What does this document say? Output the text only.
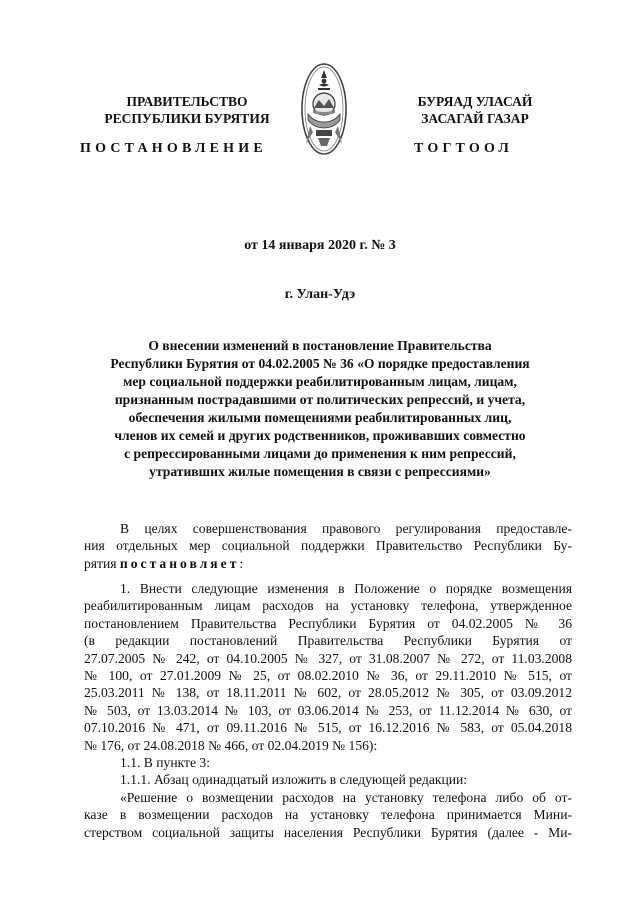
ПРАВИТЕЛЬСТВО
РЕСПУБЛИКИ БУРЯТИЯ
БУРЯАД УЛАСАЙ
ЗАСАГАЙ ГАЗАР
ПОСТАНОВЛЕНИЕ	ТОГТООЛ
от 14 января 2020 г. № 3
г. Улан-Удэ
О внесении изменений в постановление Правительства
Республики Бурятия от 04.02.2005 № 36 «О порядке предоставления
мер социальной поддержки реабилитированным лицам, лицам,
признанным пострадавшими от политических репрессий, и учета,
обеспечения жилыми помещениями реабилитированных лиц,
членов их семей и других родственников, проживавших совместно
с репрессированными лицами до применения к ним репрессий,
утративших жилые помещения в связи с репрессиями»
В целях совершенствования правового регулирования предоставле-
ния отдельных мер социальной поддержки Правительство Республики Бу-
рятия постановляет:
1. Внести следующие изменения в Положение о порядке возмещения
реабилитированным лицам расходов на установку телефона, утвержденное
постановлением Правительства Республики Бурятия от 04.02.2005 № 36
(в редакции постановлений Правительства Республики Бурятия от
27.07.2005 № 242, от 04.10.2005 № 327, от 31.08.2007 № 272, от 11.03.2008
№ 100, от 27.01.2009 № 25, от 08.02.2010 № 36, от 29.11.2010 № 515, от
25.03.2011 № 138, от 18.11.2011 № 602, от 28.05.2012 № 305, от 03.09.2012
№ 503, от 13.03.2014 № 103, от 03.06.2014 № 253, от 11.12.2014 № 630, от
07.10.2016 № 471, от 09.11.2016 № 515, от 16.12.2016 № 583, от 05.04.2018
№ 176, от 24.08.2018 № 466, от 02.04.2019 № 156):
1.1. В пункте 3:
1.1.1. Абзац одинадцатый изложить в следующей редакции:
«Решение о возмещении расходов на установку телефона либо об от-
казе в возмещении расходов на установку телефона принимается Мини-
стерством социальной защиты населения Республики Бурятия (далее - Ми-
